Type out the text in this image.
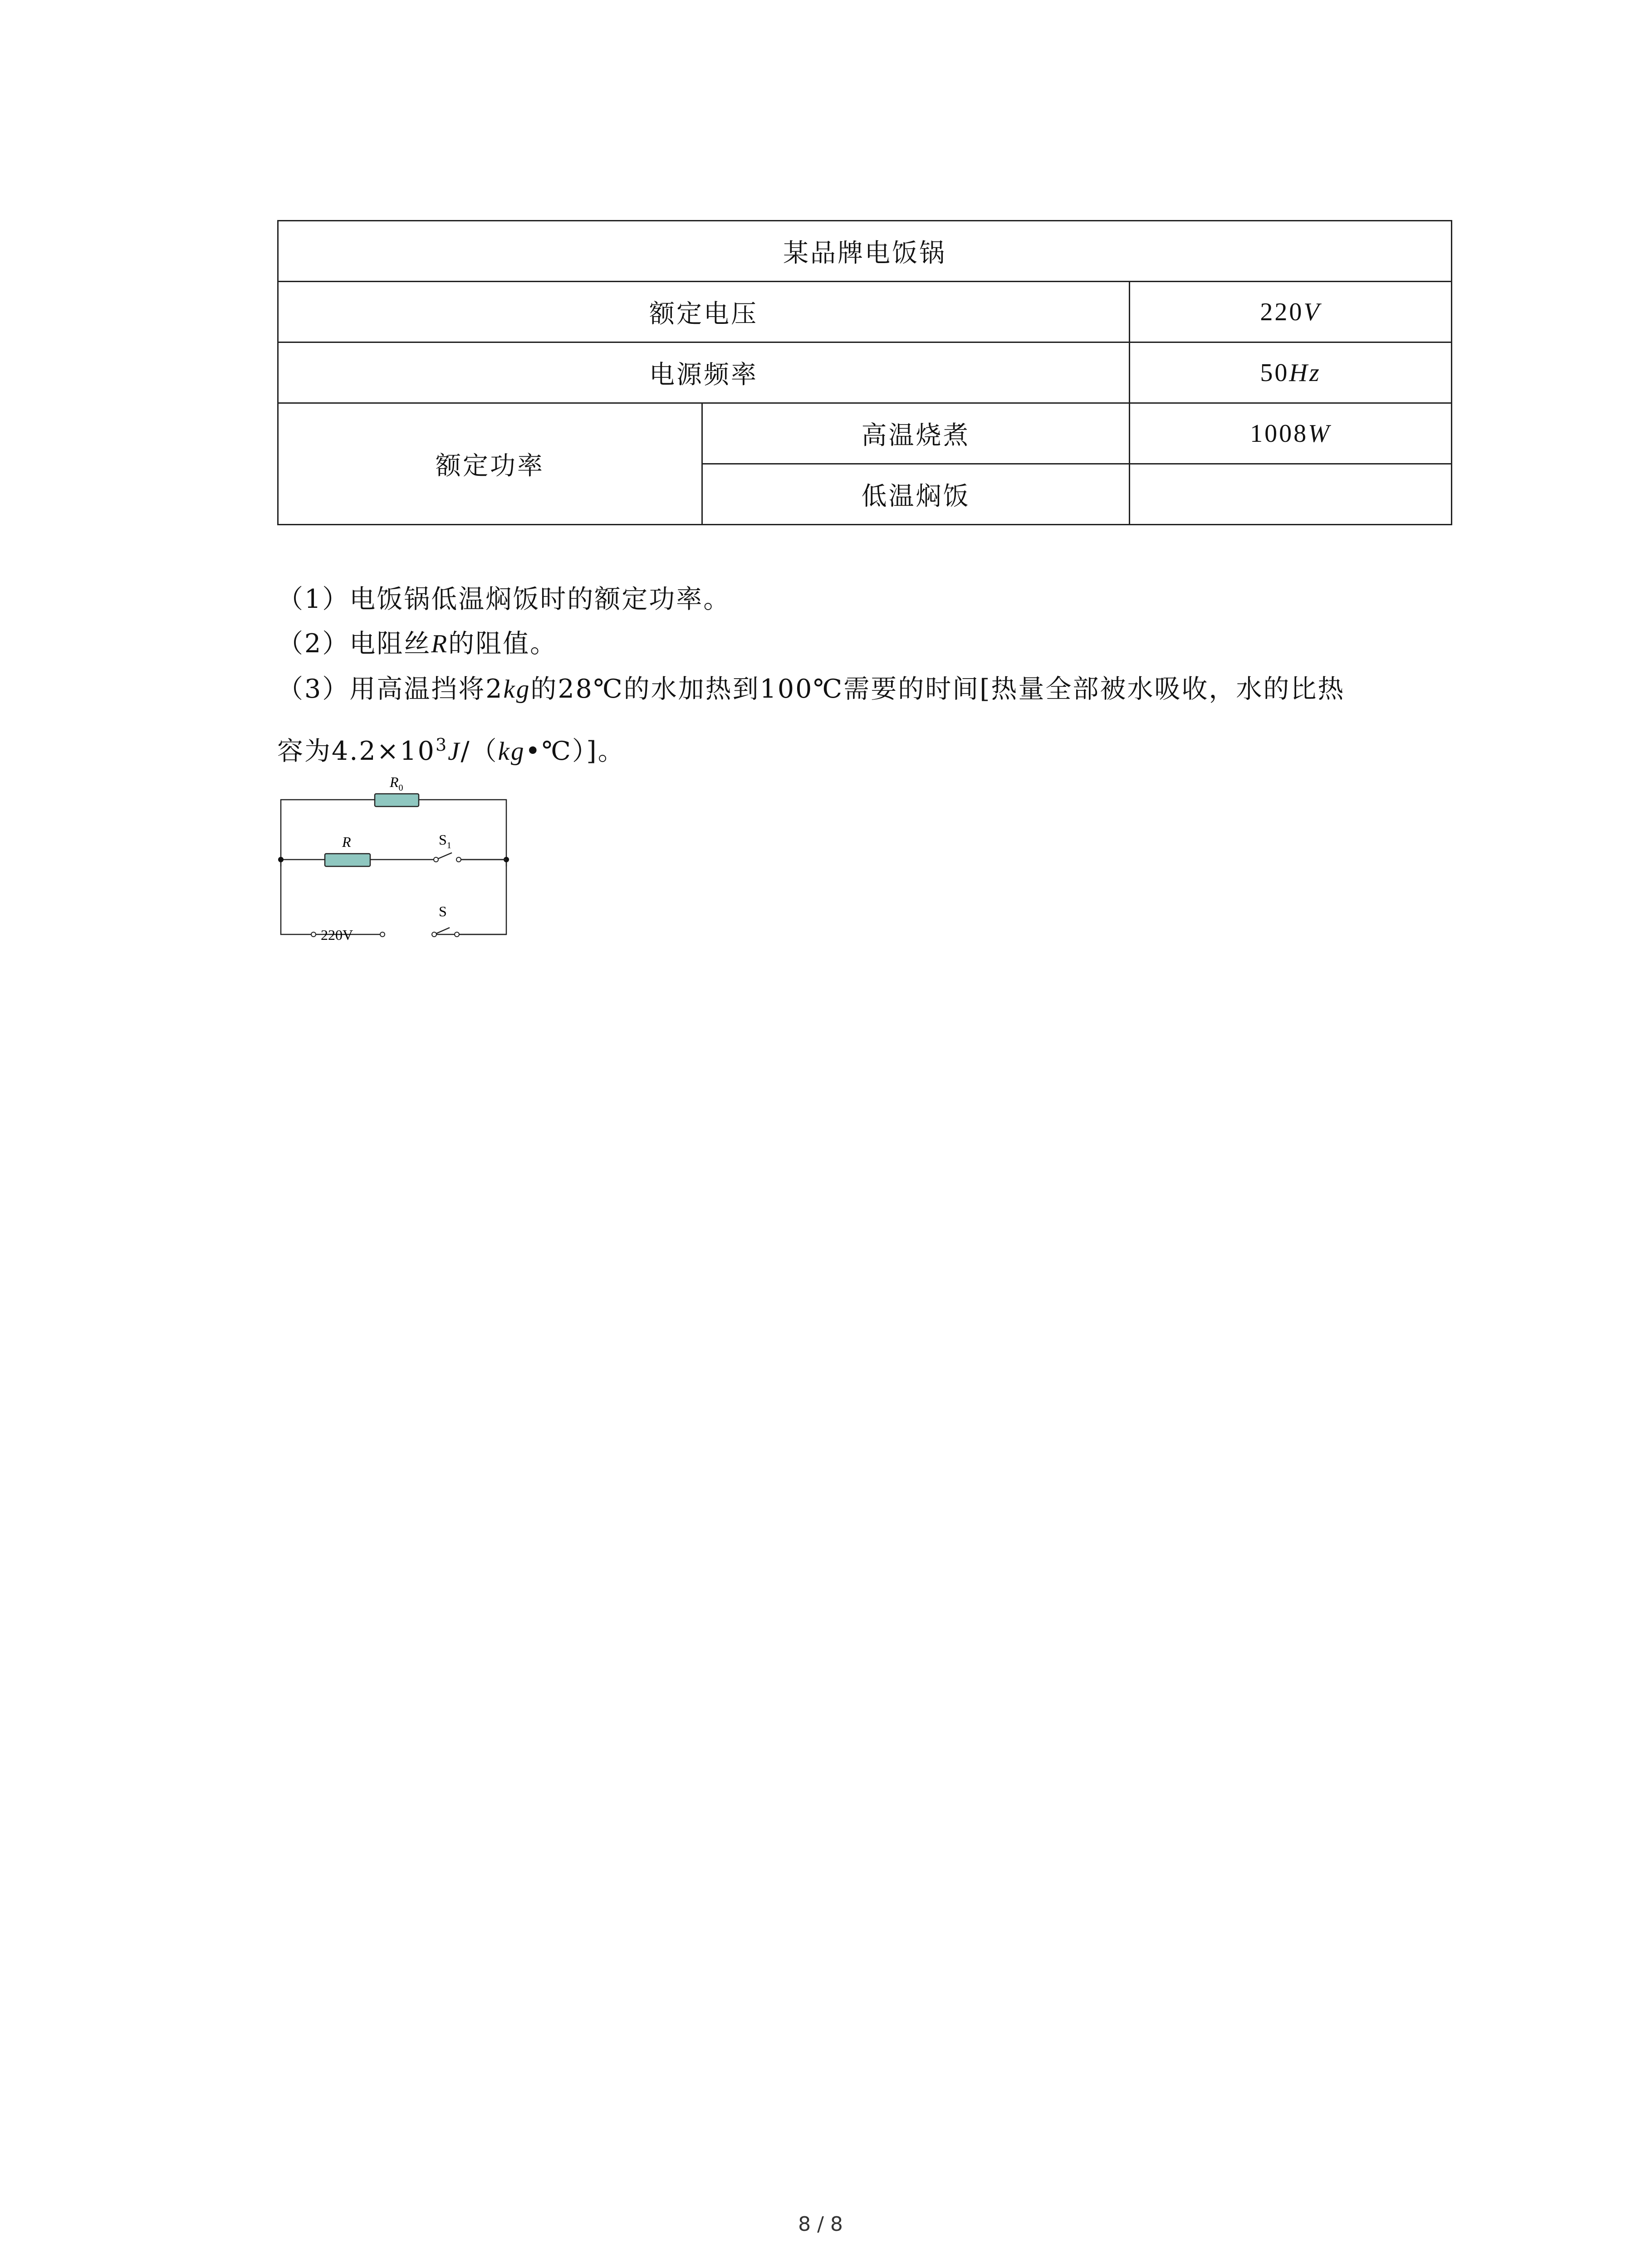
某品牌电饭锅		
额定电压		220V
电源频率		50Hz
额定功率	高温烧煮	1008W
	低温焖饭	
（1）电饭锅低温焖饭时的额定功率。
（2）电阻丝R的阻值。
（3）用高温挡将2kg的28℃的水加热到100℃需要的时间[热量全部被水吸收，水的比热
容为$4.2\times 10^3J/(kg•℃)$]。
$R_0$
R	$S_1$
S
220V
8 / 8
